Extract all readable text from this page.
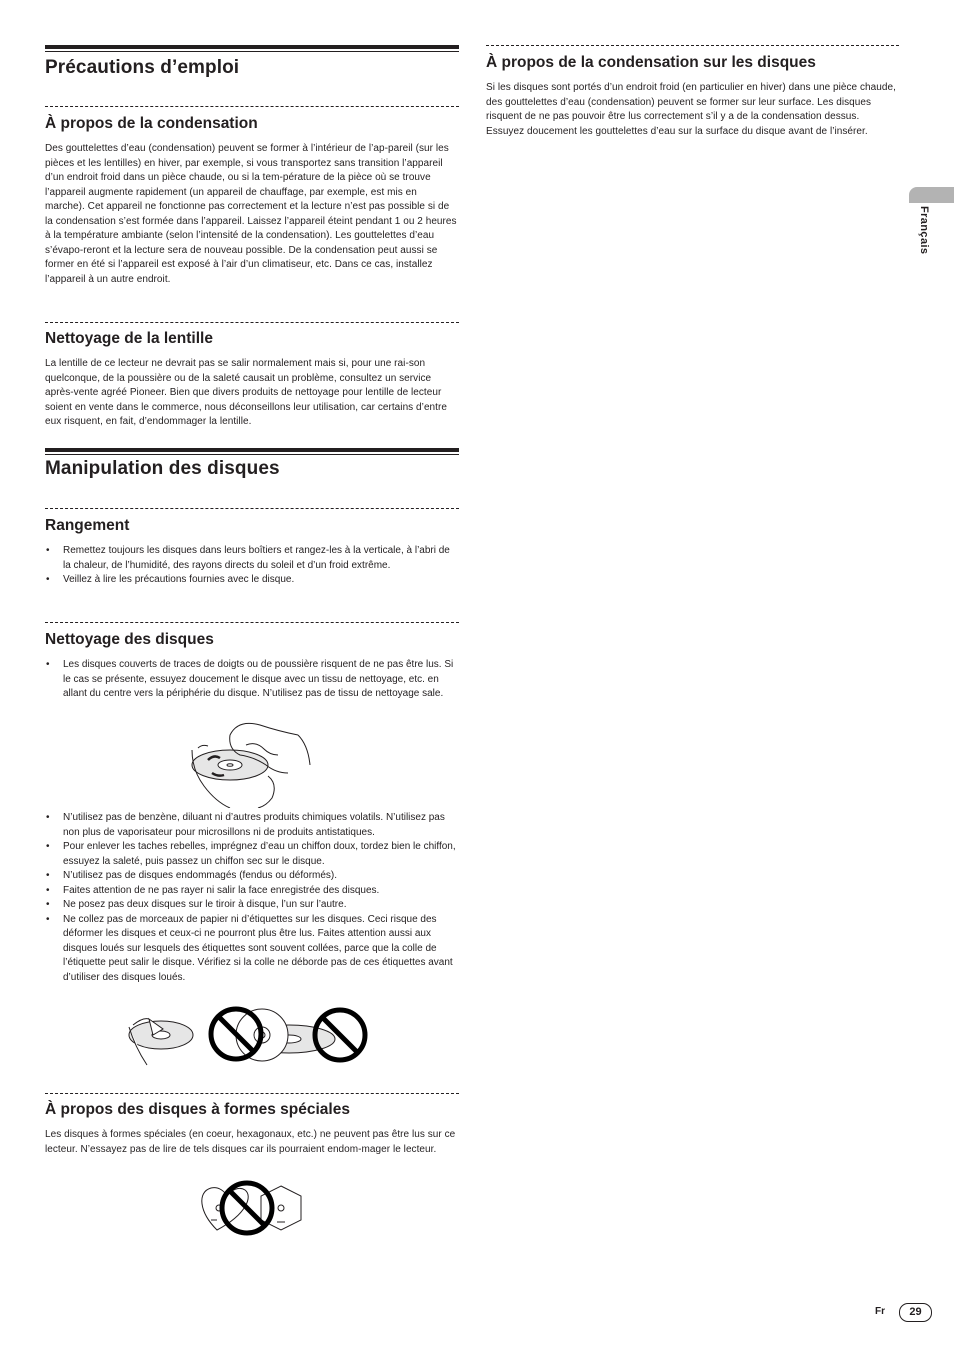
Précautions d’emploi
À propos de la condensation

Des gouttelettes d’eau (condensation) peuvent se former à l’intérieur de l’ap-pareil (sur les pièces et les lentilles) en hiver, par exemple, si vous transportez sans transition l’appareil d’un endroit froid dans un pièce chaude, ou si la tem-pérature de la pièce où se trouve l’appareil augmente rapidement (un appareil de chauffage, par exemple, est mis en marche). Cet appareil ne fonctionne pas correctement et la lecture n’est pas possible si de la condensation s’est formée dans l’appareil. Laissez l’appareil éteint pendant 1 ou 2 heures à la température ambiante (selon l’intensité de la condensation). Les gouttelettes d’eau s’évapo-reront et la lecture sera de nouveau possible. De la condensation peut aussi se former en été si l’appareil est exposé à l’air d’un climatiseur, etc. Dans ce cas, installez l’appareil à un autre endroit.

Nettoyage de la lentille

La lentille de ce lecteur ne devrait pas se salir normalement mais si, pour une rai-son quelconque, de la poussière ou de la saleté causait un problème, consultez un service après-vente agréé Pioneer. Bien que divers produits de nettoyage pour lentille de lecteur soient en vente dans le commerce, nous déconseillons leur utilisation, car certains d’entre eux risquent, en fait, d’endommager la lentille.

Manipulation des disques
Rangement
• Remettez toujours les disques dans leurs boîtiers et rangez-les à la verticale, à l’abri de la chaleur, de l’humidité, des rayons directs du soleil et d’un froid extrême.
• Veillez à lire les précautions fournies avec le disque.
Nettoyage des disques
• Les disques couverts de traces de doigts ou de poussière risquent de ne pas être lus. Si le cas se présente, essuyez doucement le disque avec un tissu de nettoyage, etc. en allant du centre vers la périphérie du disque. N’utilisez pas de tissu de nettoyage sale.
• N’utilisez pas de benzène, diluant ni d’autres produits chimiques volatils. N’utilisez pas non plus de vaporisateur pour microsillons ni de produits antistatiques.
• Pour enlever les taches rebelles, imprégnez d’eau un chiffon doux, tordez bien le chiffon, essuyez la saleté, puis passez un chiffon sec sur le disque.
• N’utilisez pas de disques endommagés (fendus ou déformés).
• Faites attention de ne pas rayer ni salir la face enregistrée des disques.
• Ne posez pas deux disques sur le tiroir à disque, l’un sur l’autre.
• Ne collez pas de morceaux de papier ni d’étiquettes sur les disques. Ceci risque des déformer les disques et ceux-ci ne pourront plus être lus. Faites attention aussi aux disques loués sur lesquels des étiquettes sont souvent collées, parce que la colle de l’étiquette peut salir le disque. Vérifiez si la colle ne déborde pas de ces étiquettes avant d’utiliser des disques loués.
À propos des disques à formes spéciales

Les disques à formes spéciales (en coeur, hexagonaux, etc.) ne peuvent pas être lus sur ce lecteur. N’essayez pas de lire de tels disques car ils pourraient endom-mager le lecteur.

À propos de la condensation sur les disques

Si les disques sont portés d’un endroit froid (en particulier en hiver) dans une pièce chaude, des gouttelettes d’eau (condensation) peuvent se former sur leur surface. Les disques risquent de ne pas pouvoir être lus correctement s’il y a de la condensation dessus. Essuyez doucement les gouttelettes d’eau sur la surface du disque avant de l’insérer.

Français
Fr	29
